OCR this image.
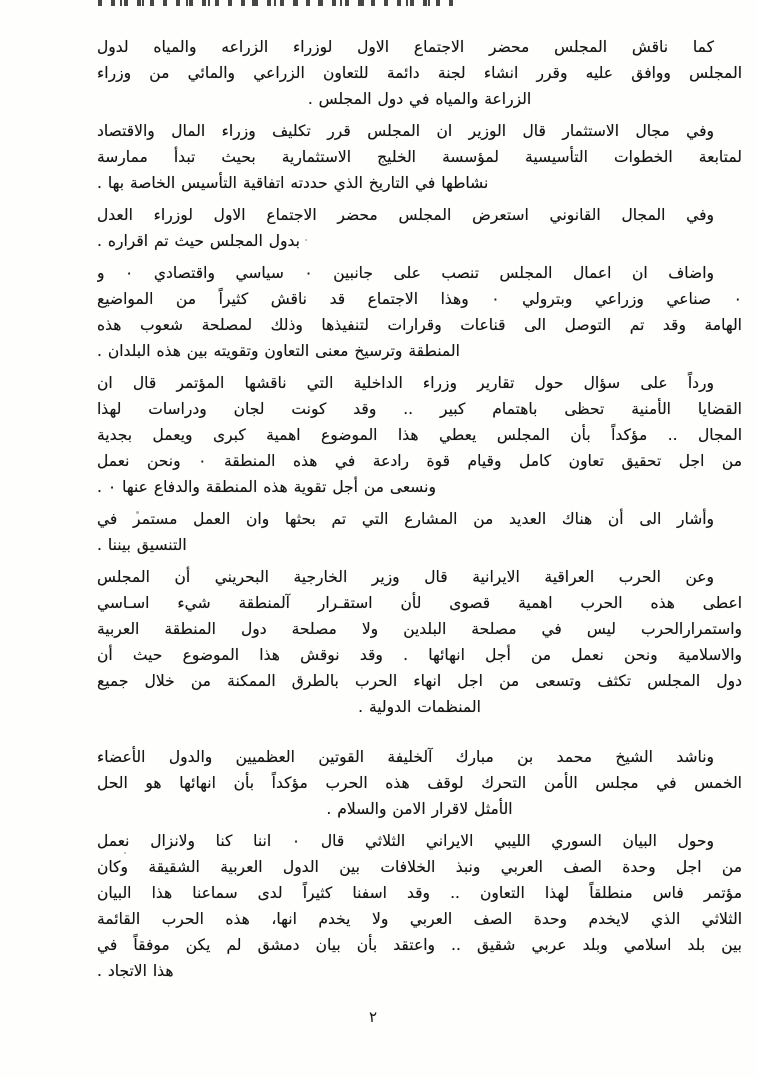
كما ناقش المجلس محضر الاجتماع الاول لوزراء الزراعه والمياه لدول
المجلس ووافق عليه وقرر انشاء لجنة دائمة للتعاون الزراعي والمائي من وزراء
الزراعة والمياه في دول المجلس .
وفي مجال الاستثمار قال الوزير ان المجلس قرر تكليف وزراء المال والاقتصاد
لمتابعة الخطوات التأسيسية لمؤسسة الخليج الاستثمارية بحيث تبدأ ممارسة
نشاطها في التاريخ الذي حددته اتفاقية التأسيس الخاصة بها .
وفي المجال القانوني استعرض المجلس محضر الاجتماع الاول لوزراء العدل
بدول المجلس حيث تم اقراره .
واضاف ان اعمال المجلس تنصب على جانبين ٠ سياسي واقتصادي ٠ و
٠ صناعي وزراعي وبترولي ٠ وهذا الاجتماع قد ناقش كثيراً من المواضيع
الهامة وقد تم التوصل الى قناعات وقرارات لتنفيذها وذلك لمصلحة شعوب هذه
المنطقة وترسيخ معنى التعاون وتقويته بين هذه البلدان .
ورداً على سؤال حول تقارير وزراء الداخلية التي ناقشها المؤتمر قال ان
القضايا الأمنية تحظى باهتمام كبير .. وقد كونت لجان ودراسات لهذا
المجال .. مؤكداً بأن المجلس يعطي هذا الموضوع اهمية كبرى ويعمل بجدية
من اجل تحقيق تعاون كامل وقيام قوة رادعة في هذه المنطقة ٠ ونحن نعمل
ونسعى من أجل تقوية هذه المنطقة والدفاع عنها ٠ .
وأشار الى أن هناك العديد من المشارع التي تم بحثها وان العمل مستمر في
التنسيق بيننا .
وعن الحرب العراقية الايرانية قال وزير الخارجية البحريني أن المجلس
اعطى هذه الحرب اهمية قصوى لأن استقـرار آلمنطقة شيء اسـاسي
واستمرارالحرب ليس في مصلحة البلدين ولا مصلحة دول المنطقة العربية
والاسلامية ونحن نعمل من أجل انهائها . وقد نوقش هذا الموضوع حيث أن
دول المجلس تكثف وتسعى من اجل انهاء الحرب بالطرق الممكنة من خلال جميع
المنظمات الدولية .
وناشد الشيخ محمد بن مبارك آلخليفة القوتين العظميين والدول الأعضاء
الخمس في مجلس الأمن التحرك لوقف هذه الحرب مؤكداً بأن انهائها هو الحل
الأمثل لاقرار الامن والسلام .
وحول البيان السوري الليبي الايراني الثلاثي قال ٠ اننا كنا ولانزال نعمل
من اجل وحدة الصف العربي ونبذ الخلافات بين الدول العربية الشقيقة وكان
مؤتمر فاس منطلقاً لهذا التعاون .. وقد اسفنا كثيراً لدى سماعنا هذا البيان
الثلاثي الذي لايخدم وحدة الصف العربي ولا يخدم انها، هذه الحرب القائمة
بين بلد اسلامي وبلد عربي شقيق .. واعتقد بأن بيان دمشق لم يكن موفقاً في
هذا الاتجاد .
٢
